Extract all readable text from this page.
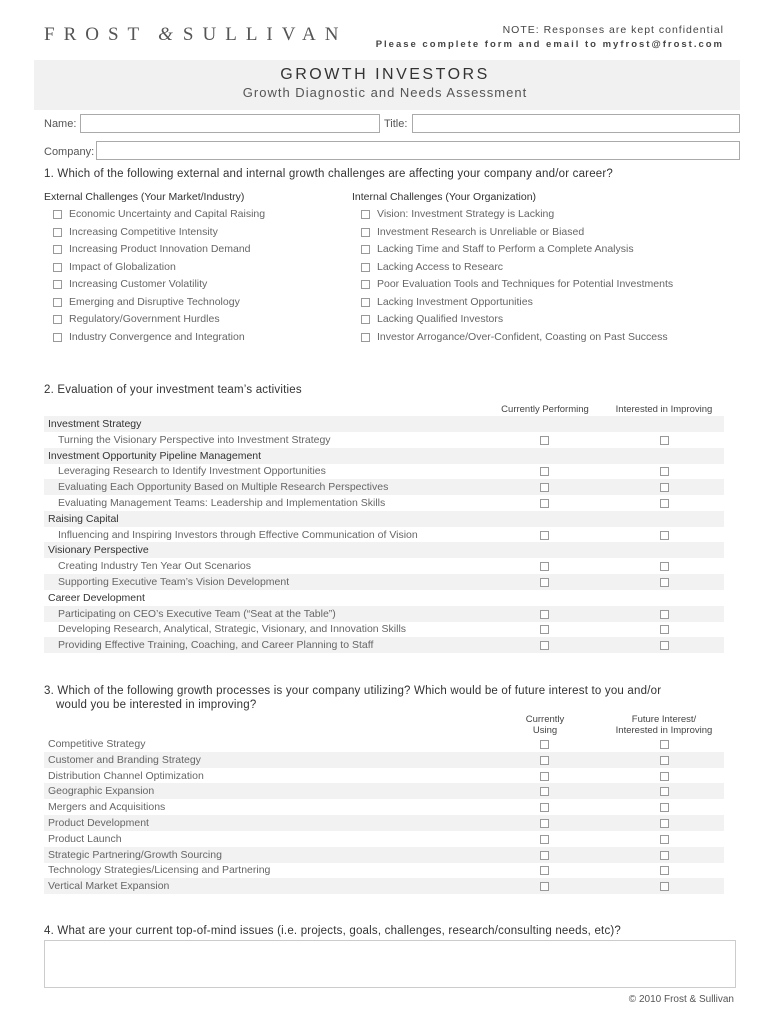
FROST & SULLIVAN	NOTE: Responses are kept confidential
Please complete form and email to myfrost@frost.com
GROWTH INVESTORS
Growth Diagnostic and Needs Assessment
Name:	Title:
Company:
1. Which of the following external and internal growth challenges are affecting your company and/or career?
External Challenges (Your Market/Industry)	Internal Challenges (Your Organization)
Economic Uncertainty and Capital Raising
Increasing Competitive Intensity
Increasing Product Innovation Demand
Impact of Globalization
Increasing Customer Volatility
Emerging and Disruptive Technology
Regulatory/Government Hurdles
Industry Convergence and Integration
Vision: Investment Strategy is Lacking
Investment Research is Unreliable or Biased
Lacking Time and Staff to Perform a Complete Analysis
Lacking Access to Researc
Poor Evaluation Tools and Techniques for Potential Investments
Lacking Investment Opportunities
Lacking Qualified Investors
Investor Arrogance/Over-Confident, Coasting on Past Success
2. Evaluation of your investment team’s activities
Currently Performing	Interested in Improving
Investment Strategy
Turning the Visionary Perspective into Investment Strategy
Investment Opportunity Pipeline Management
Leveraging Research to Identify Investment Opportunities
Evaluating Each Opportunity Based on Multiple Research Perspectives
Evaluating Management Teams: Leadership and Implementation Skills
Raising Capital
Influencing and Inspiring Investors through Effective Communication of Vision
Visionary Perspective
Creating Industry Ten Year Out Scenarios
Supporting Executive Team’s Vision Development
Career Development
Participating on CEO’s Executive Team (“Seat at the Table”)
Developing Research, Analytical, Strategic, Visionary, and Innovation Skills
Providing Effective Training, Coaching, and Career Planning to Staff
3. Which of the following growth processes is your company utilizing? Which would be of future interest to you and/or
would you be interested in improving?
Currently
Using
Future Interest/
Interested in Improving
Competitive Strategy
Customer and Branding Strategy
Distribution Channel Optimization
Geographic Expansion
Mergers and Acquisitions
Product Development
Product Launch
Strategic Partnering/Growth Sourcing
Technology Strategies/Licensing and Partnering
Vertical Market Expansion
4. What are your current top-of-mind issues (i.e. projects, goals, challenges, research/consulting needs, etc)?
© 2010 Frost & Sullivan
